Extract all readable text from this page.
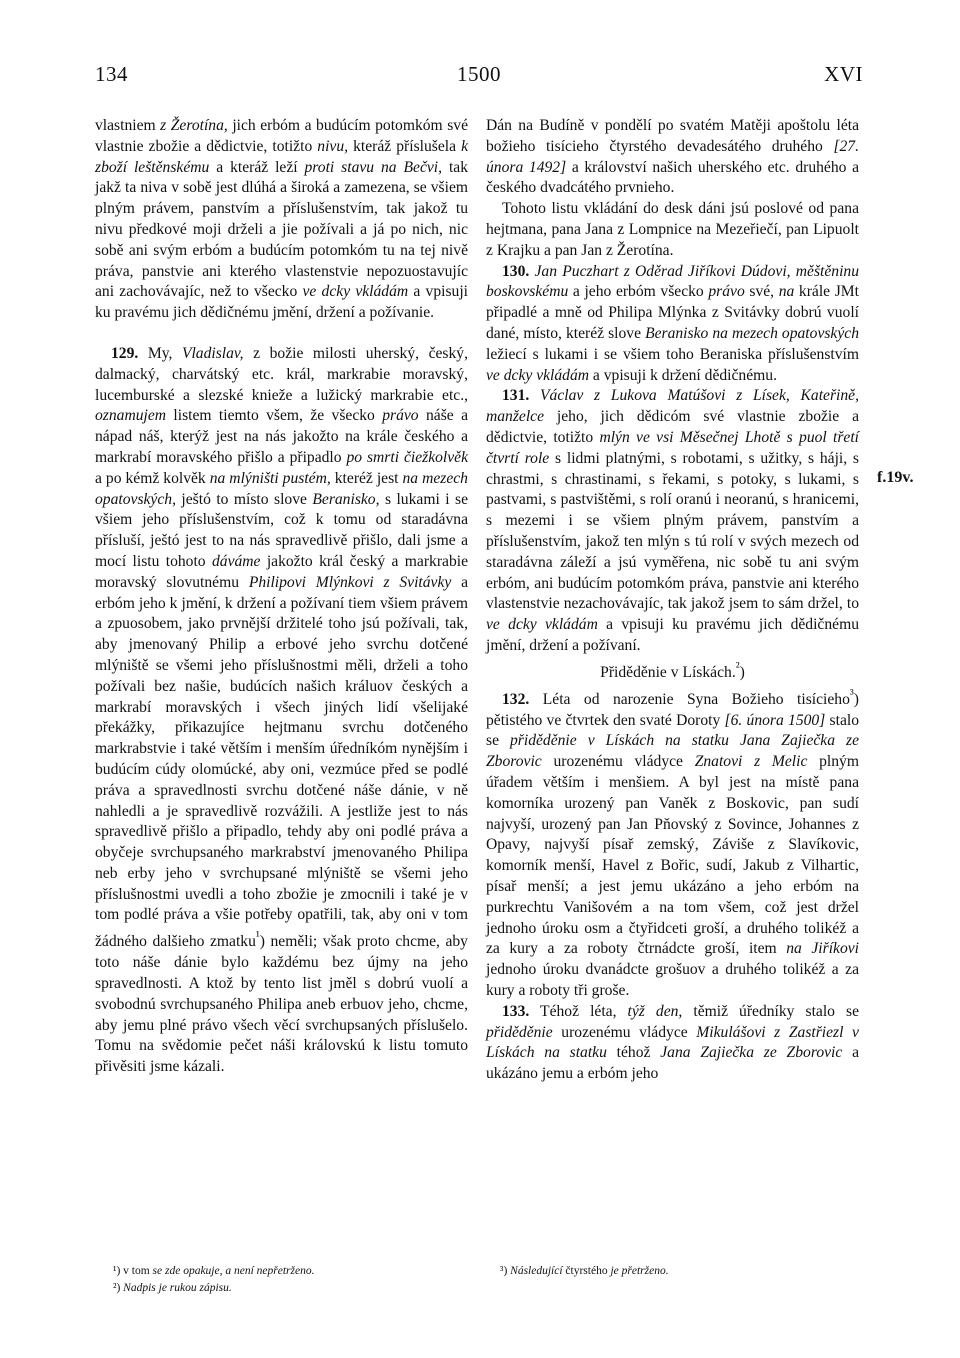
134	1500	XVI
f.19v.

vlastniem z Žerotína, jich erbóm a budúcím potomkóm své vlastnie zbožie a dědictvie, totižto nivu, kteráž příslušela k zboží leštěnskému a kteráž leží proti stavu na Bečvi, tak jakž ta niva v sobě jest dlúhá a široká a zamezena, se všiem plným právem, panstvím a příslušenstvím, tak jakož tu nivu předkové moji drželi a jie požívali a já po nich, nic sobě ani svým erbóm a budúcím potomkóm tu na tej nivě práva, panstvie ani kterého vlastenstvie nepozuostavujíc ani zachovávajíc, než to všecko ve dcky vkládám a vpisuji ku pravému jich dědičnému jmění, držení a požívanie.

129. My, Vladislav, z božie milosti uherský, český, dalmacký, charvátský etc. král, markrabie moravský, lucemburské a slezské knieže a lužický markrabie etc., oznamujem listem tiemto všem, že všecko právo náše a nápad náš, kterýž jest na nás jakožto na krále českého a markrabí moravského přišlo a připadlo po smrti čiežkolvěk a po kémž kolvěk na mlýništi pustém, kteréž jest na mezech opatovských, ještó to místo slove Beranisko, s lukami i se všiem jeho příslušenstvím, což k tomu od staradávna přísluší, ještó jest to na nás spravedlivě přišlo, dali jsme a mocí listu tohoto dáváme jakožto král český a markrabie moravský slovutnému Philipovi Mlýnkovi z Svitávky a erbóm jeho k jmění, k držení a požívaní tiem všiem právem a zpuosobem, jako prvnější držitelé toho jsú požívali, tak, aby jmenovaný Philip a erbové jeho svrchu dotčené mlýniště se všemi jeho příslušnostmi měli, drželi a toho požívali bez našie, budúcích našich králuov českých a markrabí moravských i všech jiných lidí všelijaké překážky, přikazujíce hejtmanu svrchu dotčeného markrabstvie i také větším i menším úředníkóm nynějším i budúcím cúdy olomúcké, aby oni, vezmúce před se podlé práva a spravedlnosti svrchu dotčené náše dánie, v ně nahledli a je spravedlivě rozvážili. A jestliže jest to nás spravedlivě přišlo a připadlo, tehdy aby oni podlé práva a obyčeje svrchupsaného markrabství jmenovaného Philipa neb erby jeho v svrchupsané mlýniště se všemi jeho příslušnostmi uvedli a toho zbožie je zmocnili i také je v tom podlé práva a všie potřeby opatřili, tak, aby oni v tom žádného dalšieho zmatku$^{^1}$) neměli; však proto chcme, aby toto náše dánie bylo každému bez újmy na jeho spravedlnosti. A ktož by tento list jměl s dobrú vuolí a svobodnú svrchupsaného Philipa aneb erbuov jeho, chcme, aby jemu plné právo všech věcí svrchupsaných příslušelo. Tomu na svědomie pečet náši královskú k listu tomuto přivěsiti jsme kázali.

Dán na Budíně v pondělí po svatém Matěji apoštolu léta božieho tisícieho čtyrstého devadesátého druhého [27. února 1492] a království našich uherského etc. druhého a českého dvadcátého prvnieho.

Tohoto listu vkládání do desk dáni jsú poslové od pana hejtmana, pana Jana z Lompnice na Mezeřiečí, pan Lipuolt z Krajku a pan Jan z Žerotína.

130. Jan Puczhart z Oděrad Jiříkovi Dúdovi, měštěninu boskovskému a jeho erbóm všecko právo své, na krále JMt připadlé a mně od Philipa Mlýnka z Svitávky dobrú vuolí dané, místo, kteréž slove Beranisko na mezech opatovských ležiecí s lukami i se všiem toho Beraniska příslušenstvím ve dcky vkládám a vpisuji k držení dědičnému.

131. Václav z Lukova Matúšovi z Lísek, Kateřině, manželce jeho, jich dědicóm své vlastnie zbožie a dědictvie, totižto mlýn ve vsi Měsečnej Lhotě s puol třetí čtvrtí role s lidmi platnými, s robotami, s užitky, s háji, s chrastmi, s chrastinami, s řekami, s potoky, s lukami, s pastvami, s pastvištěmi, s rolí oranú i neoranú, s hranicemi, s mezemi i se všiem plným právem, panstvím a příslušenstvím, jakož ten mlýn s tú rolí v svých mezech od staradávna záleží a jsú vyměřena, nic sobě tu ani svým erbóm, ani budúcím potomkóm práva, panstvie ani kterého vlastenstvie nezachovávajíc, tak jakož jsem to sám držel, to ve dcky vkládám a vpisuji ku pravému jich dědičnému jmění, držení a požívaní.

Přiděděnie v Lískách.$^{^2}$)

132. Léta od narozenie Syna Božieho tisícieho$^{^3}$) pětistého ve čtvrtek den svaté Doroty [6. února 1500] stalo se přiděděnie v Lískách na statku Jana Zajiečka ze Zborovic urozenému vládyce Znatovi z Melic plným úřadem větším i menšiem. A byl jest na místě pana komorníka urozený pan Vaněk z Boskovic, pan sudí najvyší, urozený pan Jan Pňovský z Sovince, Johannes z Opavy, najvyší písař zemský, Záviše z Slavíkovic, komorník menší, Havel z Bořic, sudí, Jakub z Vilhartic, písař menší; a jest jemu ukázáno a jeho erbóm na purkrechtu Vanišovém a na tom všem, což jest držel jednoho úroku osm a čtyřidceti groší, a druhého tolikéž a za kury a za roboty čtrnádcte groší, item na Jiříkovi jednoho úroku dvanádcte grošuov a druhého tolikéž a za kury a roboty tři groše.

133. Téhož léta, týž den, těmiž úředníky stalo se přiděděnie urozenému vládyce Mikulášovi z Zastřiezl v Lískách na statku téhož Jana Zajiečka ze Zborovic a ukázáno jemu a erbóm jeho

¹) v tom se zde opakuje, a není nepřetrženo.
²) Nadpis je rukou zápisu.
³) Následující čtyrstého je přetrženo.
